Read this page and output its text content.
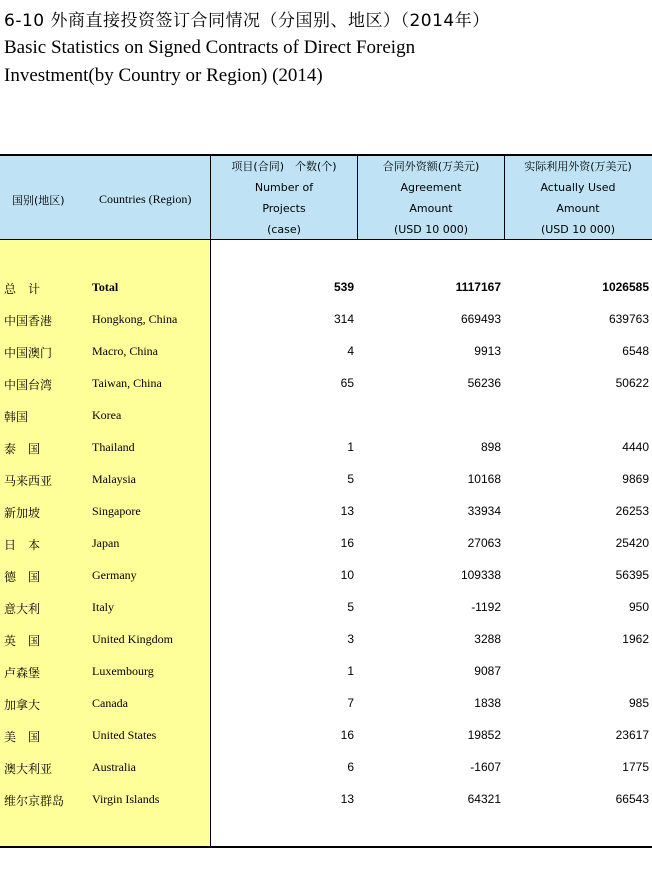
6-10 外商直接投资签订合同情况（分国别、地区）（2014年）
Basic Statistics on Signed Contracts of Direct Foreign
Investment(by Country or Region) (2014)
国别(地区)	Countries (Region)
项目(合同)　个数(个)
Number of
Projects
(case)
合同外资额(万美元)
Agreement
Amount
(USD 10 000)
实际利用外资(万美元)
Actually Used
Amount
(USD 10 000)
总　计	Total	539	1117167	1026585
中国香港	Hongkong, China	314	669493	639763
中国澳门	Macro, China	4	9913	6548
中国台湾	Taiwan, China	65	56236	50622
韩国	Korea
泰　国	Thailand	1	898	4440
马来西亚	Malaysia	5	10168	9869
新加坡	Singapore	13	33934	26253
日　本	Japan	16	27063	25420
德　国	Germany	10	109338	56395
意大利	Italy	5	-1192	950
英　国	United Kingdom	3	3288	1962
卢森堡	Luxembourg	1	9087
加拿大	Canada	7	1838	985
美　国	United States	16	19852	23617
澳大利亚	Australia	6	-1607	1775
维尔京群岛 Virgin Islands	13	64321	66543
